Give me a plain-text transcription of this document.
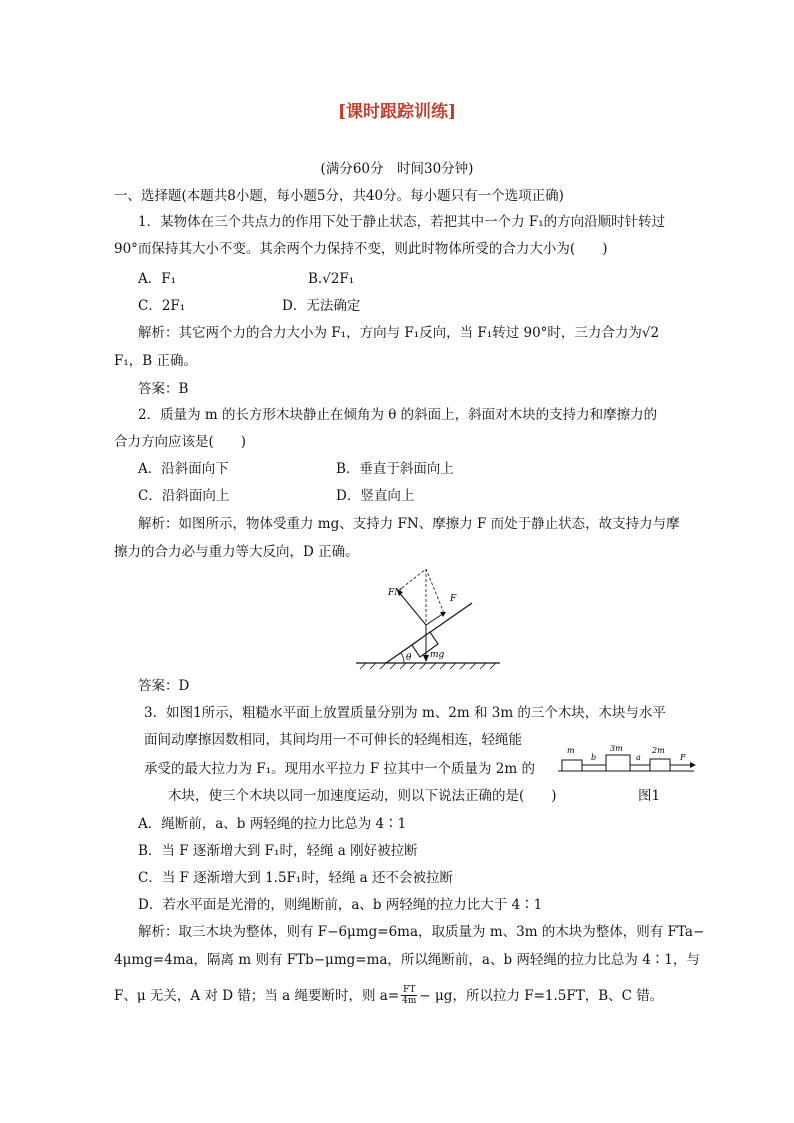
[课时跟踪训练]
(满分60分　时间30分钟)
一、选择题(本题共8小题，每小题5分，共40分。每小题只有一个选项正确)
1．某物体在三个共点力的作用下处于静止状态，若把其中一个力 F₁的方向沿顺时针转过
90°而保持其大小不变。其余两个力保持不变，则此时物体所受的合力大小为(　　)
A．F₁	B.√2F₁
C．2F₁	D．无法确定
解析：其它两个力的合力大小为 F₁，方向与 F₁反向，当 F₁转过 90°时，三力合力为√2
F₁，B 正确。
答案：B
2．质量为 m 的长方形木块静止在倾角为 θ 的斜面上，斜面对木块的支持力和摩擦力的
合力方向应该是(　　)
A．沿斜面向下	B．垂直于斜面向上
C．沿斜面向上	D．竖直向上
解析：如图所示，物体受重力 mg、支持力 FN、摩擦力 F 而处于静止状态，故支持力与摩
擦力的合力必与重力等大反向，D 正确。
FN
F
θ mg
答案：D
3．如图1所示，粗糙水平面上放置质量分别为 m、2m 和 3m 的三个木块，木块与水平
面间动摩擦因数相同，其间均用一不可伸长的轻绳相连，轻绳能
承受的最大拉力为 F₁。现用水平拉力 F 拉其中一个质量为 2m 的
木块，使三个木块以同一加速度运动，则以下说法正确的是(　　)
m
b
3m
a
2m
F
图1
A．绳断前，a、b 两轻绳的拉力比总为 4∶1
B．当 F 逐渐增大到 F₁时，轻绳 a 刚好被拉断
C．当 F 逐渐增大到 1.5F₁时，轻绳 a 还不会被拉断
D．若水平面是光滑的，则绳断前，a、b 两轻绳的拉力比大于 4∶1
解析：取三木块为整体，则有 F−6μmg=6ma，取质量为 m、3m 的木块为整体，则有 FTa−
4μmg=4ma，隔离 m 则有 FTb−μmg=ma，所以绳断前，a、b 两轻绳的拉力比总为 4∶1，与
F、μ 无关，A 对 D 错；当 a 绳要断时，则 $a= \frac{FT}{4m} - \mu g$，所以拉力 F=1.5FT，B、C 错。
